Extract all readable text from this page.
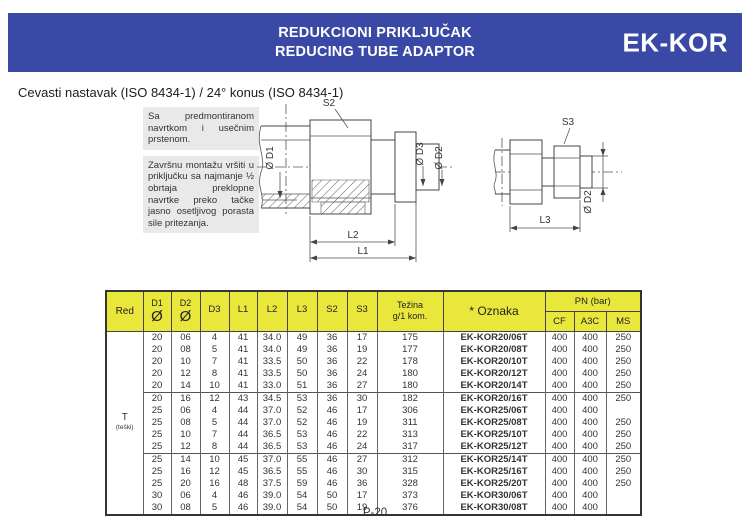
REDUKCIONI PRIKLJUČAK
REDUCING TUBE ADAPTOR	EK-KOR
Cevasti nastavak (ISO 8434-1) / 24° konus (ISO 8434-1)
Sa predmontiranom navrtkom i usečnim prstenom.
Završnu montažu vršiti u priključku sa najmanje ½ obrtaja preklopne navrtke preko tačke jasno osetljivog porasta sile pritezanja.
S2
Ø D1	Ø D3 Ø D2
L2
L1
S3
L3
Ø D2
Red	
D1
Ø

D2
Ø	D3	L1	L2	L3	S2	S3	Težina
g/1 kom.	* Oznaka	PN (bar)
											CF	A3C	MS

T
(teški)	20	06	4	41	34.0	49	36	17	175	EK-KOR20/06T	400	400	250
	20	08	5	41	34.0	49	36	19	177	EK-KOR20/08T	400	400	250
	20	10	7	41	33.5	50	36	22	178	EK-KOR20/10T	400	400	250
	20	12	8	41	33.5	50	36	24	180	EK-KOR20/12T	400	400	250
	20	14	10	41	33.0	51	36	27	180	EK-KOR20/14T	400	400	250
	20	16	12	43	34.5	53	36	30	182	EK-KOR20/16T	400	400	250
	25	06	4	44	37.0	52	46	17	306	EK-KOR25/06T	400	400	
	25	08	5	44	37.0	52	46	19	311	EK-KOR25/08T	400	400	250
	25	10	7	44	36.5	53	46	22	313	EK-KOR25/10T	400	400	250
	25	12	8	44	36.5	53	46	24	317	EK-KOR25/12T	400	400	250
	25	14	10	45	37.0	55	46	27	312	EK-KOR25/14T	400	400	250
	25	16	12	45	36.5	55	46	30	315	EK-KOR25/16T	400	400	250
	25	20	16	48	37.5	59	46	36	328	EK-KOR25/20T	400	400	250
	30	06	4	46	39.0	54	50	17	373	EK-KOR30/06T	400	400	
	30	08	5	46	39.0	54	50	19	376	EK-KOR30/08T	400	400	
P-20
